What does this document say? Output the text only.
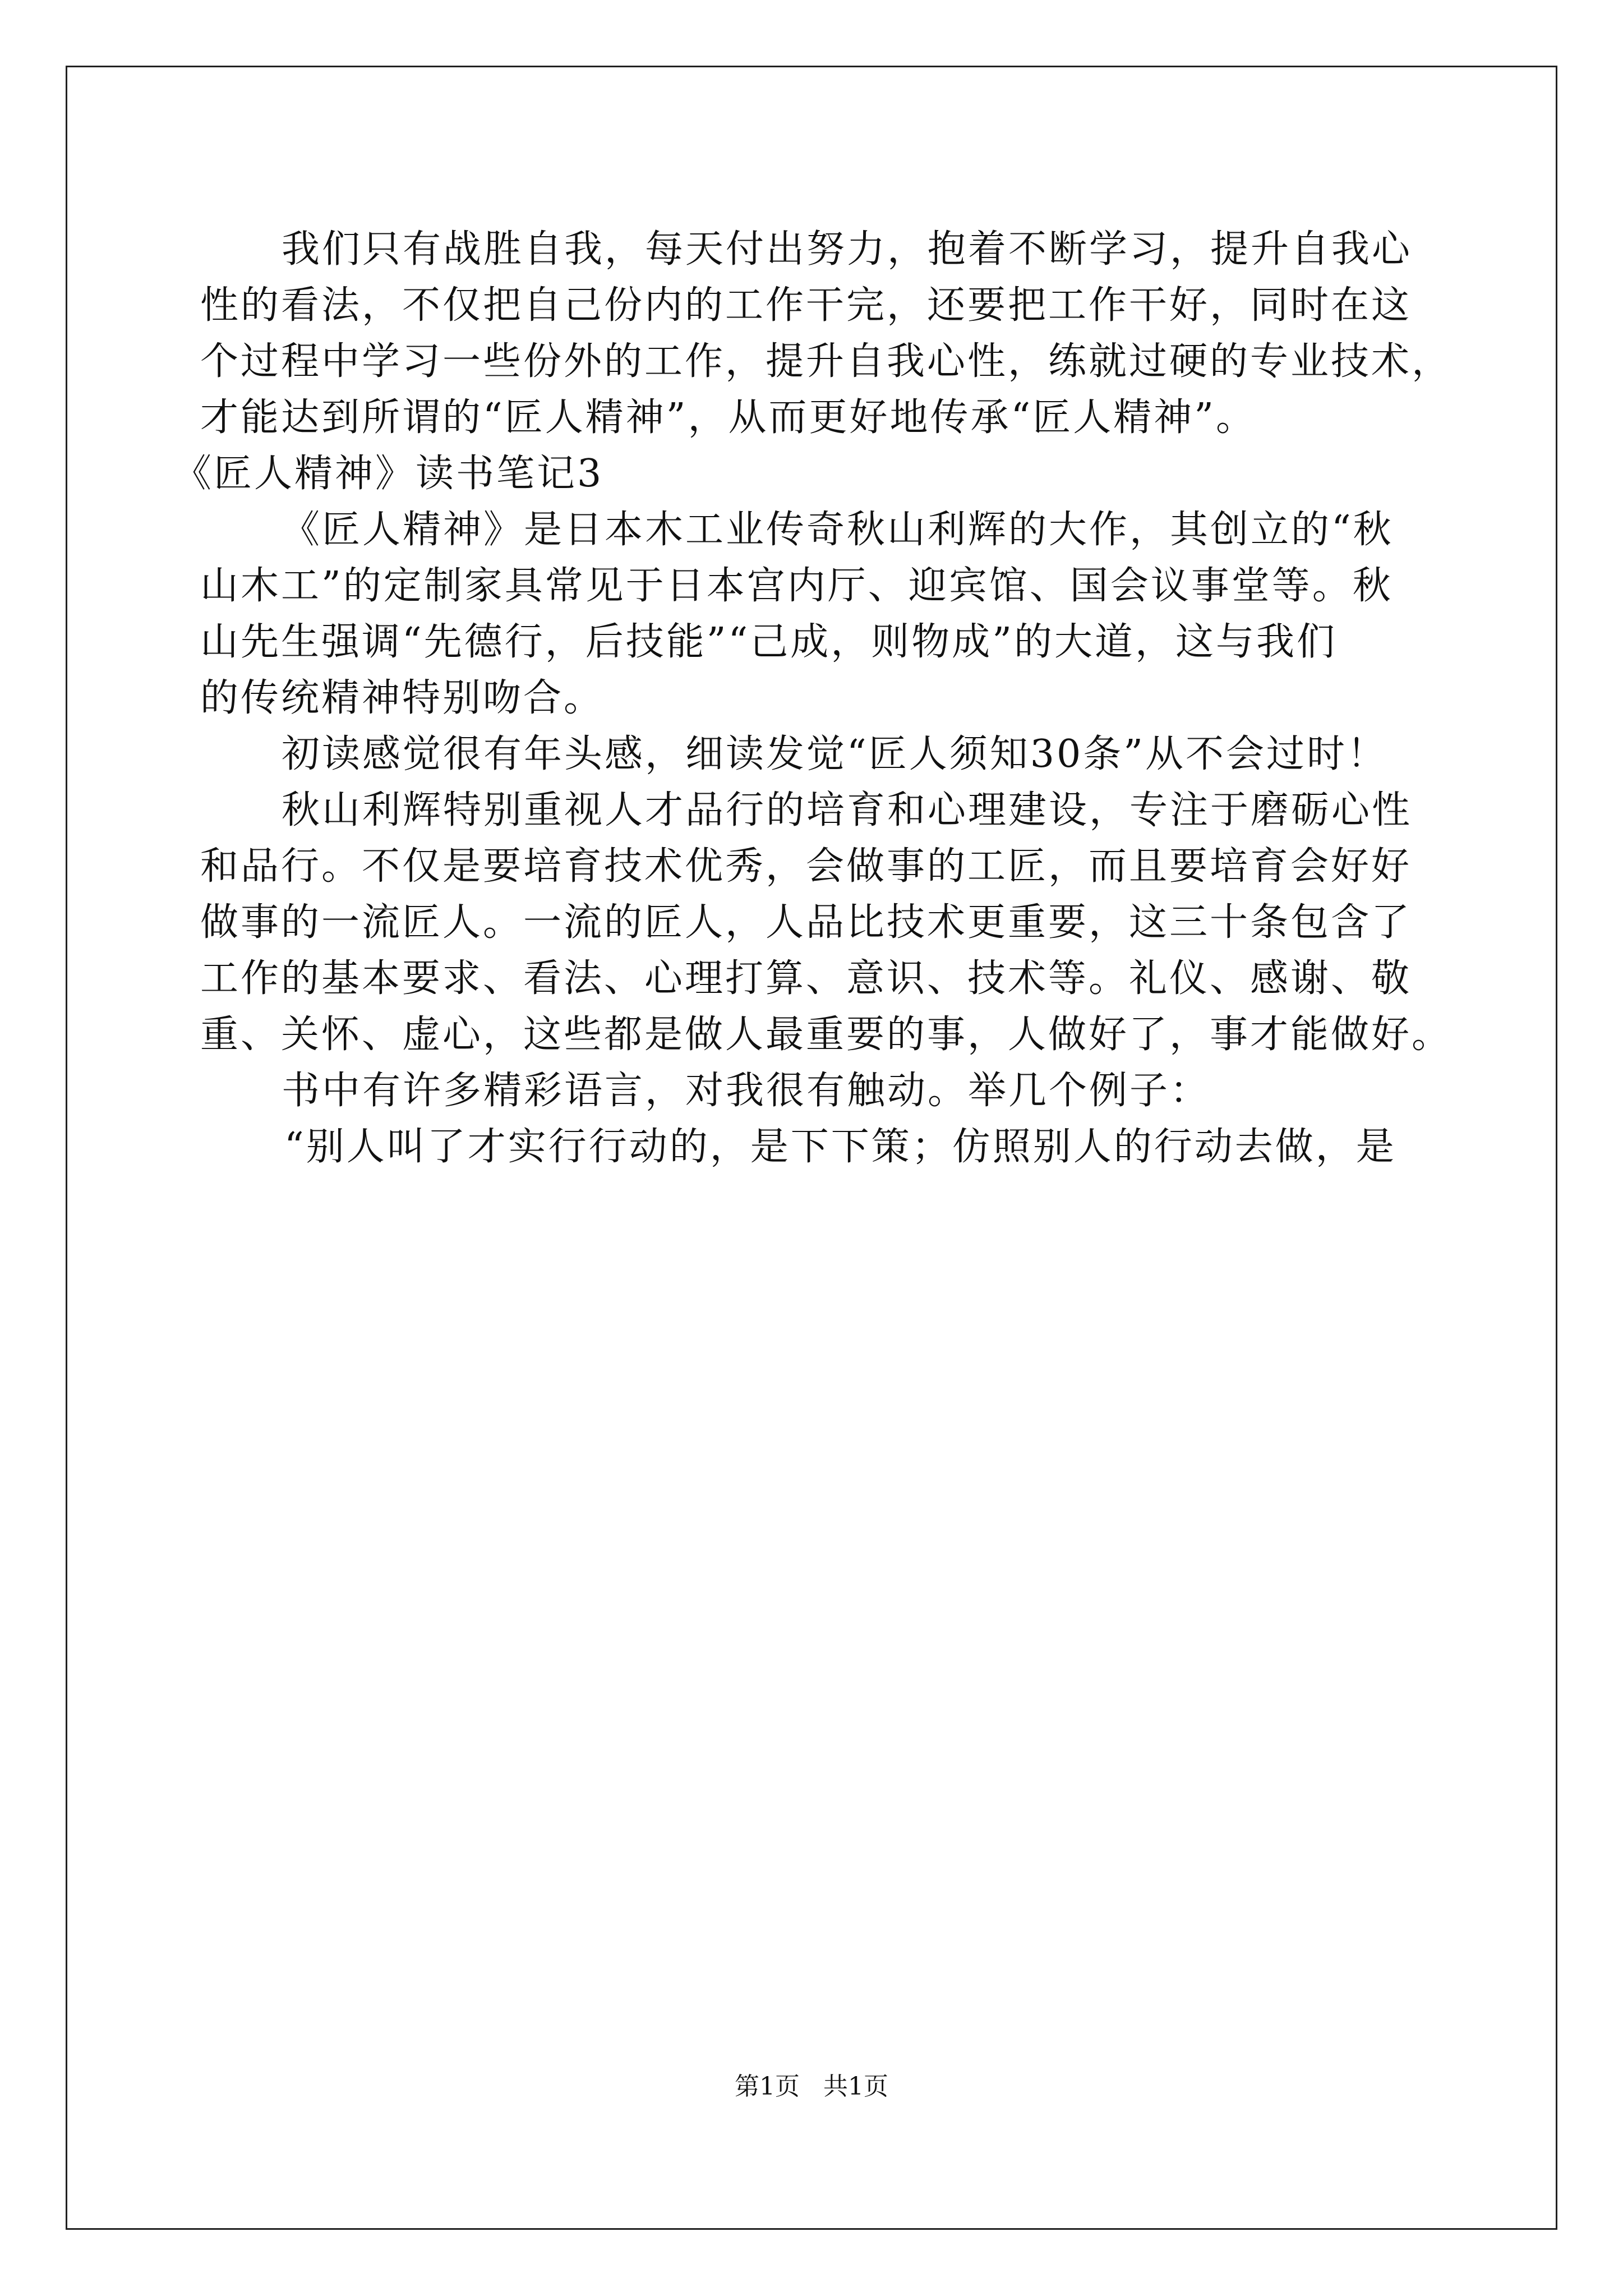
我们只有战胜自我，每天付出努力，抱着不断学习，提升自我心
性的看法，不仅把自己份内的工作干完，还要把工作干好，同时在这
个过程中学习一些份外的工作，提升自我心性，练就过硬的专业技术，
才能达到所谓的“匠人精神”，从而更好地传承“匠人精神”。
《匠人精神》读书笔记3
《匠人精神》是日本木工业传奇秋山利辉的大作，其创立的“秋
山木工”的定制家具常见于日本宫内厅、迎宾馆、国会议事堂等。秋
山先生强调“先德行，后技能”“己成，则物成”的大道，这与我们
的传统精神特别吻合。
初读感觉很有年头感，细读发觉“匠人须知30条”从不会过时！
秋山利辉特别重视人才品行的培育和心理建设，专注于磨砺心性
和品行。不仅是要培育技术优秀，会做事的工匠，而且要培育会好好
做事的一流匠人。一流的匠人，人品比技术更重要，这三十条包含了
工作的基本要求、看法、心理打算、意识、技术等。礼仪、感谢、敬
重、关怀、虚心，这些都是做人最重要的事，人做好了，事才能做好。
书中有许多精彩语言，对我很有触动。举几个例子：
“别人叫了才实行行动的，是下下策；仿照别人的行动去做，是
第1页   共1页
